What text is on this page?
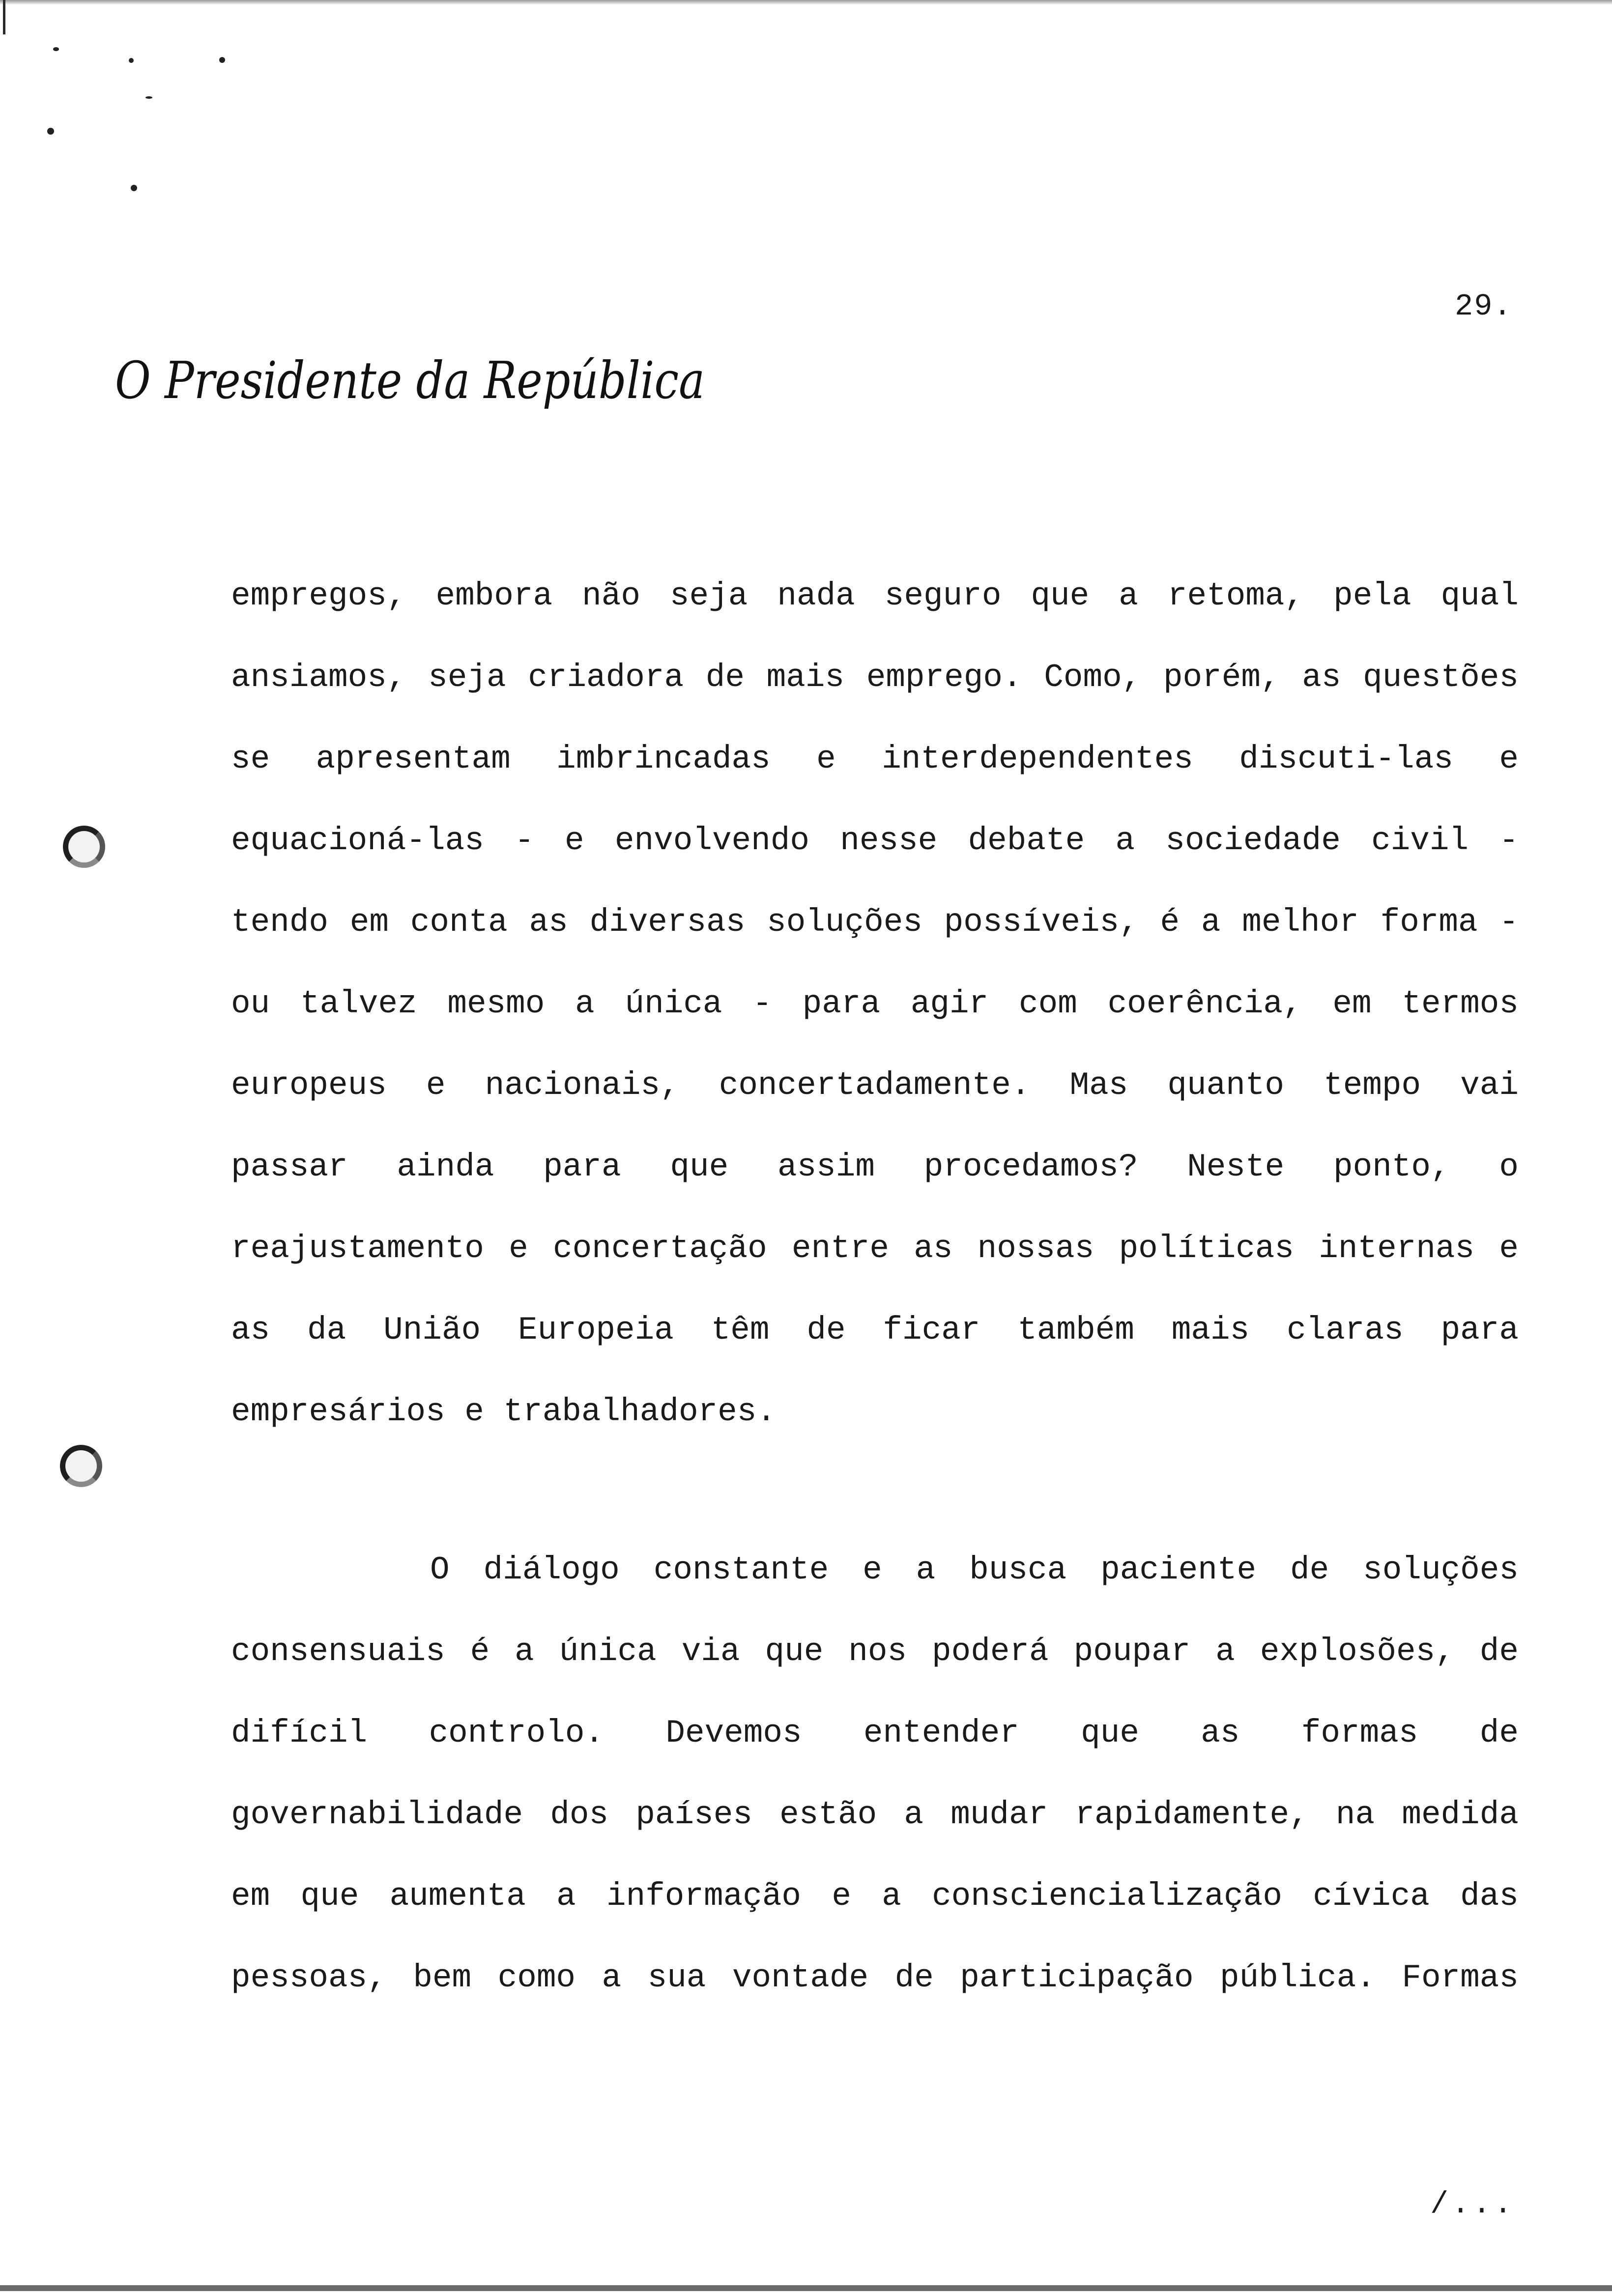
29.
O Presidente da República

empregos, embora não seja nada seguro que a retoma, pela qual
ansiamos, seja criadora de mais emprego. Como, porém, as questões
se apresentam imbrincadas e interdependentes discuti-las e
equacioná-las - e envolvendo nesse debate a sociedade civil -
tendo em conta as diversas soluções possíveis, é a melhor forma -
ou talvez mesmo a única - para agir com coerência, em termos
europeus e nacionais, concertadamente. Mas quanto tempo vai
passar ainda para que assim procedamos? Neste ponto, o
reajustamento e concertação entre as nossas políticas internas e
as da União Europeia têm de ficar também mais claras para
empresários e trabalhadores.

O diálogo constante e a busca paciente de soluções
consensuais é a única via que nos poderá poupar a explosões, de
difícil controlo. Devemos entender que as formas de
governabilidade dos países estão a mudar rapidamente, na medida
em que aumenta a informação e a consciencialização cívica das
pessoas, bem como a sua vontade de participação pública. Formas

/...
